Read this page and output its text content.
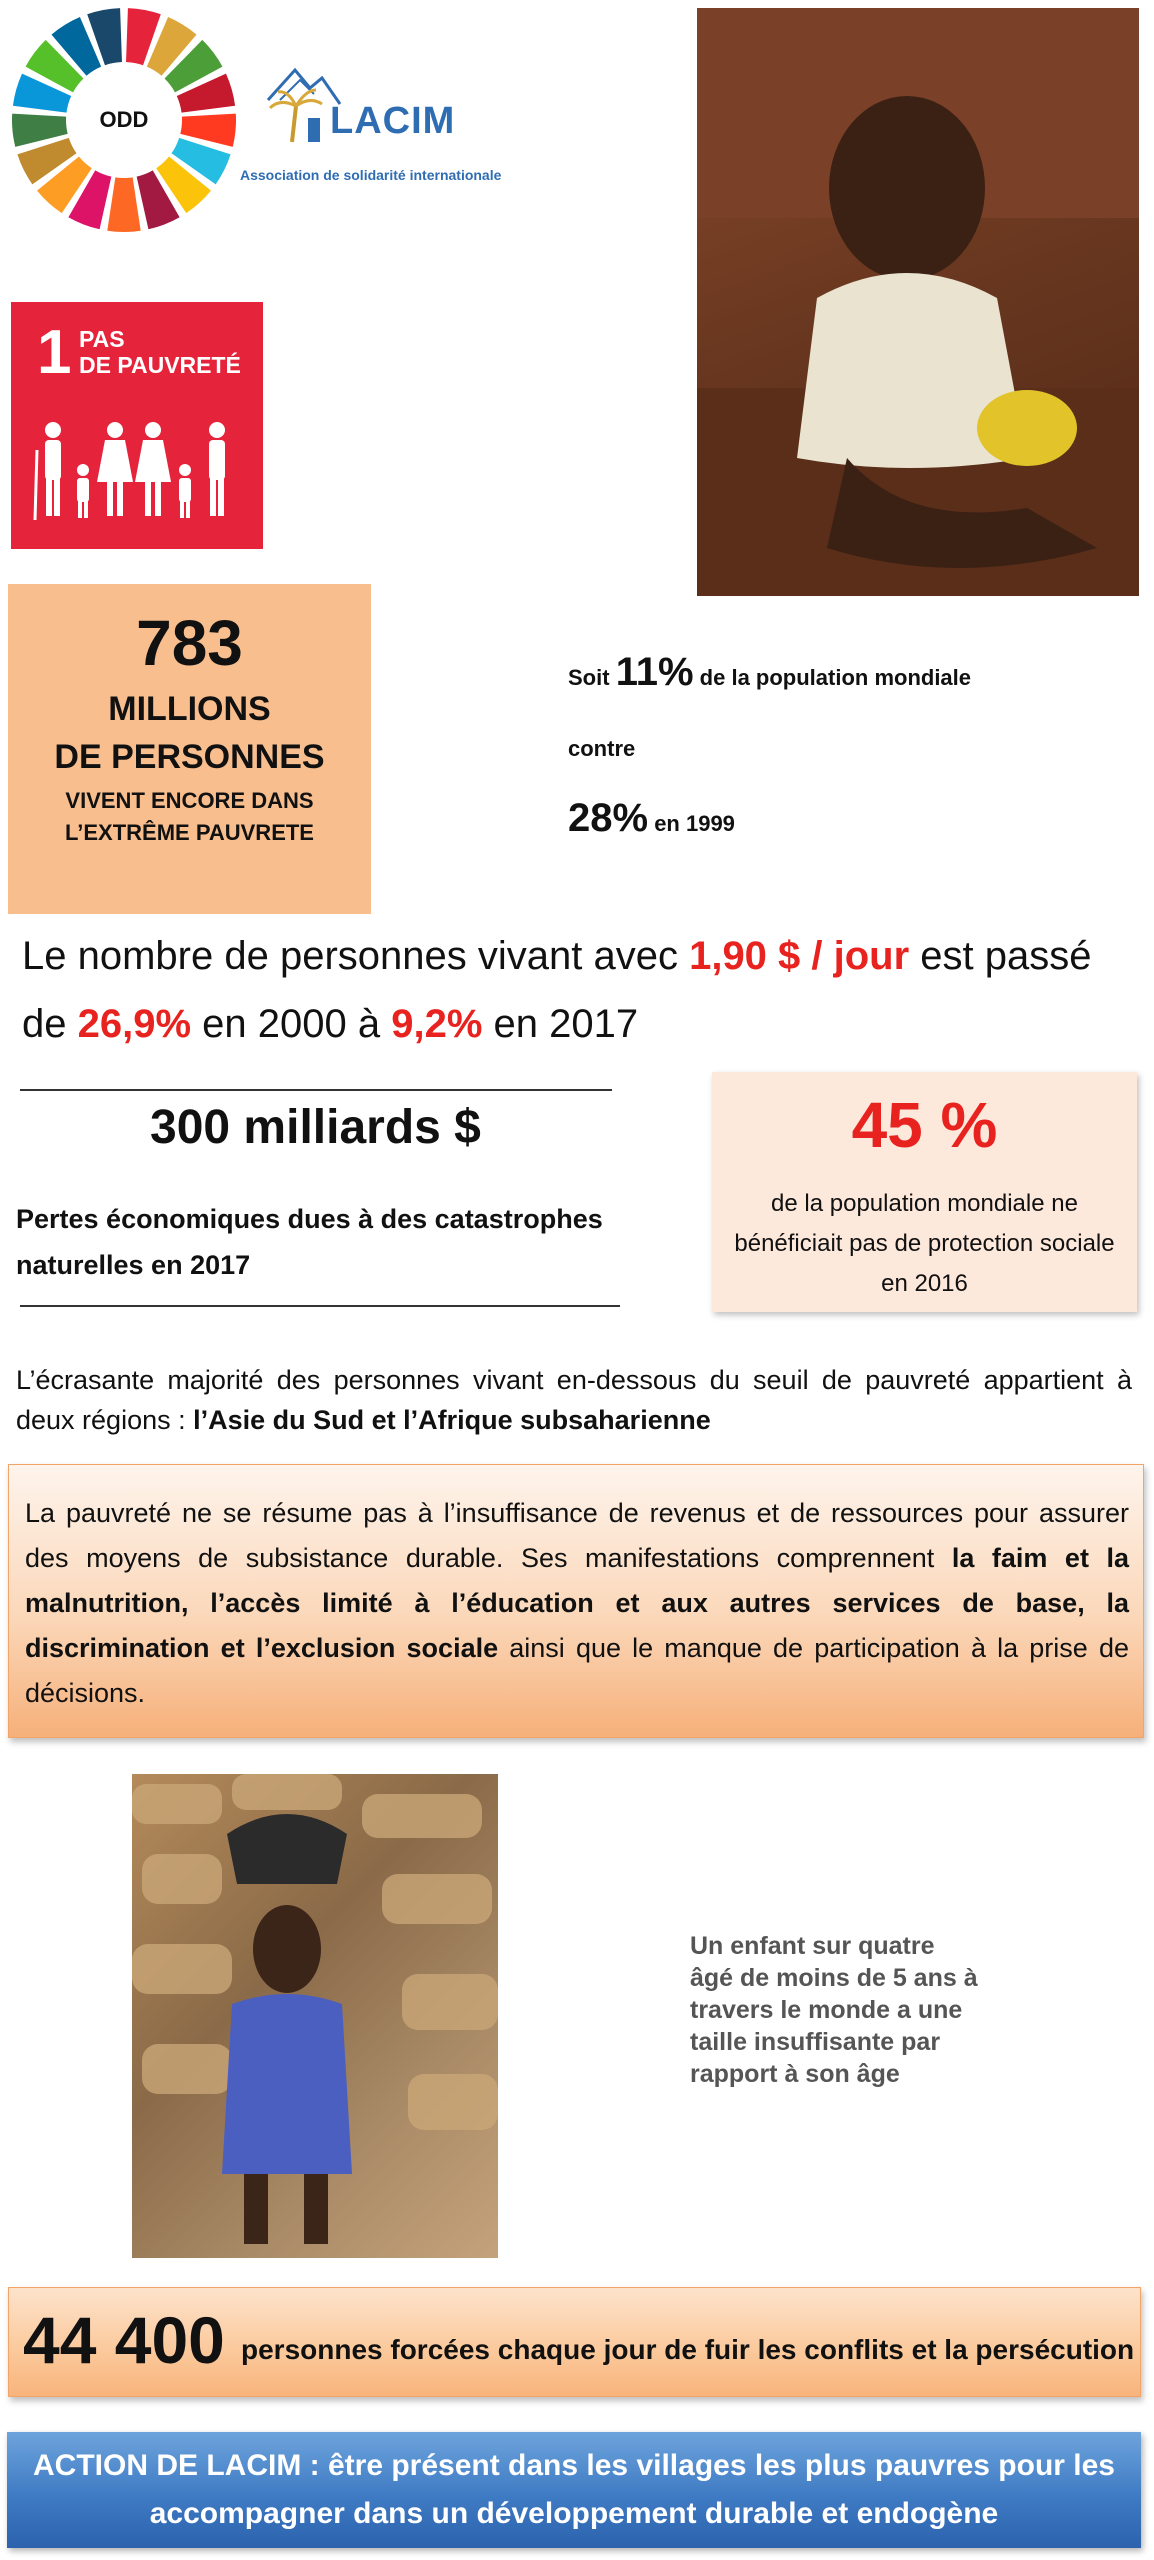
ODD	LACIM
Association de solidarité internationale
1 PAS
DE PAUVRETÉ
783
MILLIONS
DE PERSONNES
VIVENT ENCORE DANS
L’EXTRÊME PAUVRETE
Soit 11% de la population mondiale
contre
28% en 1999
Le nombre de personnes vivant avec 1,90 $ / jour est passé de 26,9% en 2000 à 9,2% en 2017
300 milliards $
Pertes économiques dues à des catastrophes naturelles en 2017
45 %
de la population mondiale ne bénéficiait pas de protection sociale en 2016
L’écrasante majorité des personnes vivant en-dessous du seuil de pauvreté appartient à deux régions : l’Asie du Sud et l’Afrique subsaharienne
La pauvreté ne se résume pas à l’insuffisance de revenus et de ressources pour assurer des moyens de subsistance durable. Ses manifestations comprennent la faim et la malnutrition, l’accès limité à l’éducation et aux autres services de base, la discrimination et l’exclusion sociale ainsi que le manque de participation à la prise de décisions.
Un enfant sur quatre
âgé de moins de 5 ans à
travers le monde a une
taille insuffisante par
rapport à son âge
44 400 personnes forcées chaque jour de fuir les conflits et la persécution
ACTION DE LACIM : être présent dans les villages les plus pauvres pour les
accompagner dans un développement durable et endogène
